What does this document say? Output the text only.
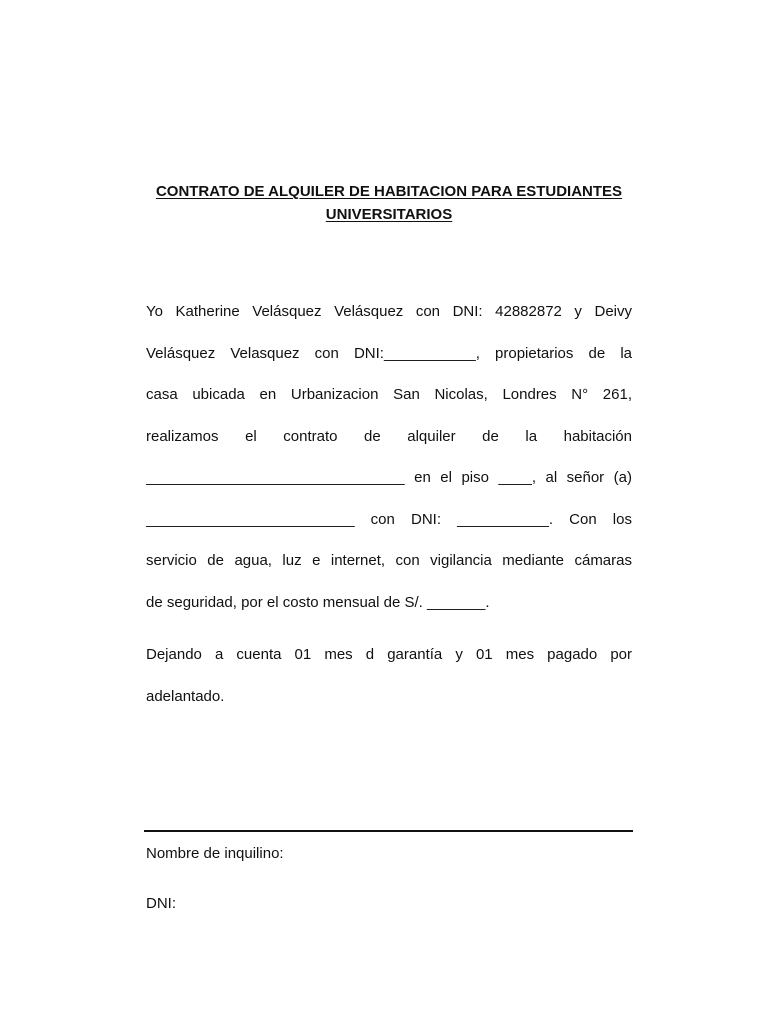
CONTRATO DE ALQUILER DE HABITACION PARA ESTUDIANTES
UNIVERSITARIOS
Yo Katherine Velásquez Velásquez con DNI: 42882872 y Deivy
Velásquez Velasquez con DNI:___________, propietarios de la
casa ubicada en Urbanizacion San Nicolas, Londres N° 261,
realizamos el contrato de alquiler de la habitación
_______________________________ en el piso ____, al señor (a)
_________________________ con DNI: ___________. Con los
servicio de agua, luz e internet, con vigilancia mediante cámaras
de seguridad, por el costo mensual de S/. _______.
Dejando a cuenta 01 mes d garantía y 01 mes pagado por
adelantado.
Nombre de inquilino:
DNI:
